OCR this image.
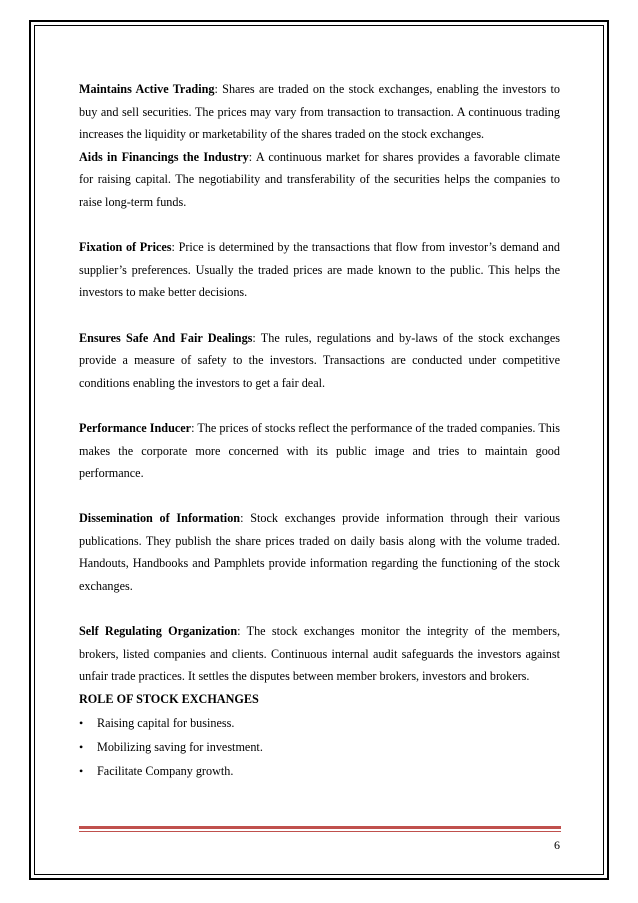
Maintains Active Trading: Shares are traded on the stock exchanges, enabling the investors to buy and sell securities. The prices may vary from transaction to transaction. A continuous trading increases the liquidity or marketability of the shares traded on the stock exchanges.

Aids in Financings the Industry: A continuous market for shares provides a favorable climate for raising capital. The negotiability and transferability of the securities helps the companies to raise long-term funds.

Fixation of Prices: Price is determined by the transactions that flow from investor’s demand and supplier’s preferences. Usually the traded prices are made known to the public. This helps the investors to make better decisions.

Ensures Safe And Fair Dealings: The rules, regulations and by-laws of the stock exchanges provide a measure of safety to the investors. Transactions are conducted under competitive conditions enabling the investors to get a fair deal.

Performance Inducer: The prices of stocks reflect the performance of the traded companies. This makes the corporate more concerned with its public image and tries to maintain good performance.

Dissemination of Information: Stock exchanges provide information through their various publications. They publish the share prices traded on daily basis along with the volume traded. Handouts, Handbooks and Pamphlets provide information regarding the functioning of the stock exchanges.

Self Regulating Organization: The stock exchanges monitor the integrity of the members, brokers, listed companies and clients. Continuous internal audit safeguards the investors against unfair trade practices. It settles the disputes between member brokers, investors and brokers.

ROLE OF STOCK EXCHANGES

• Raising capital for business.
• Mobilizing saving for investment.
• Facilitate Company growth.
6
